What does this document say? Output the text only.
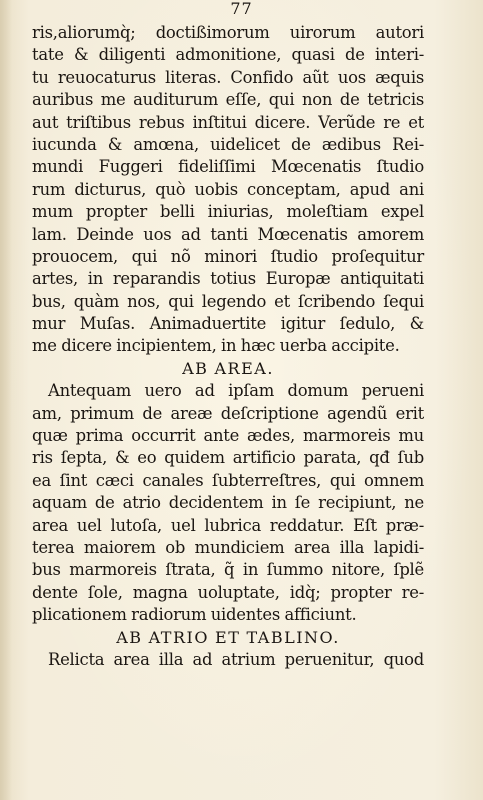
77
ris,aliorumq̀; doctißimorum uirorum autori
tate & diligenti admonitione, quasi de interi-
tu reuocaturus literas. Confido aũt uos æquis
auribus me auditurum eſſe, qui non de tetricis
aut triſtibus rebus inſtitui dicere. Verũde re et
iucunda & amœna, uidelicet de ædibus Rei-
mundi Fuggeri fideliſſimi Mœcenatis ſtudio
rum dicturus, quò uobis conceptam, apud ani
mum propter belli iniurias, moleſtiam expel
lam. Deinde uos ad tanti Mœcenatis amorem
prouocem, qui nõ minori ſtudio proſequitur
artes, in reparandis totius Europæ antiquitati
bus, quàm nos, qui legendo et ſcribendo ſequi
mur Muſas. Animaduertite igitur ſedulo, &
me dicere incipientem, in hæc uerba accipite.
AB AREA.
Antequam uero ad ipſam domum perueni
am, primum de areæ deſcriptione agendũ erit
quæ prima occurrit ante ædes, marmoreis mu
ris ſepta, & eo quidem artificio parata, qđ ſub
ea ſint cæci canales ſubterreſtres, qui omnem
aquam de atrio decidentem in ſe recipiunt, ne
area uel lutoſa, uel lubrica reddatur. Eſt præ-
terea maiorem ob mundiciem area illa lapidi-
bus marmoreis ſtrata, q̃ in ſummo nitore, ſplẽ
dente ſole, magna uoluptate, idq̀; propter re-
plicationem radiorum uidentes afficiunt.
AB ATRIO ET TABLINO.
Relicta area illa ad atrium peruenitur, quod
